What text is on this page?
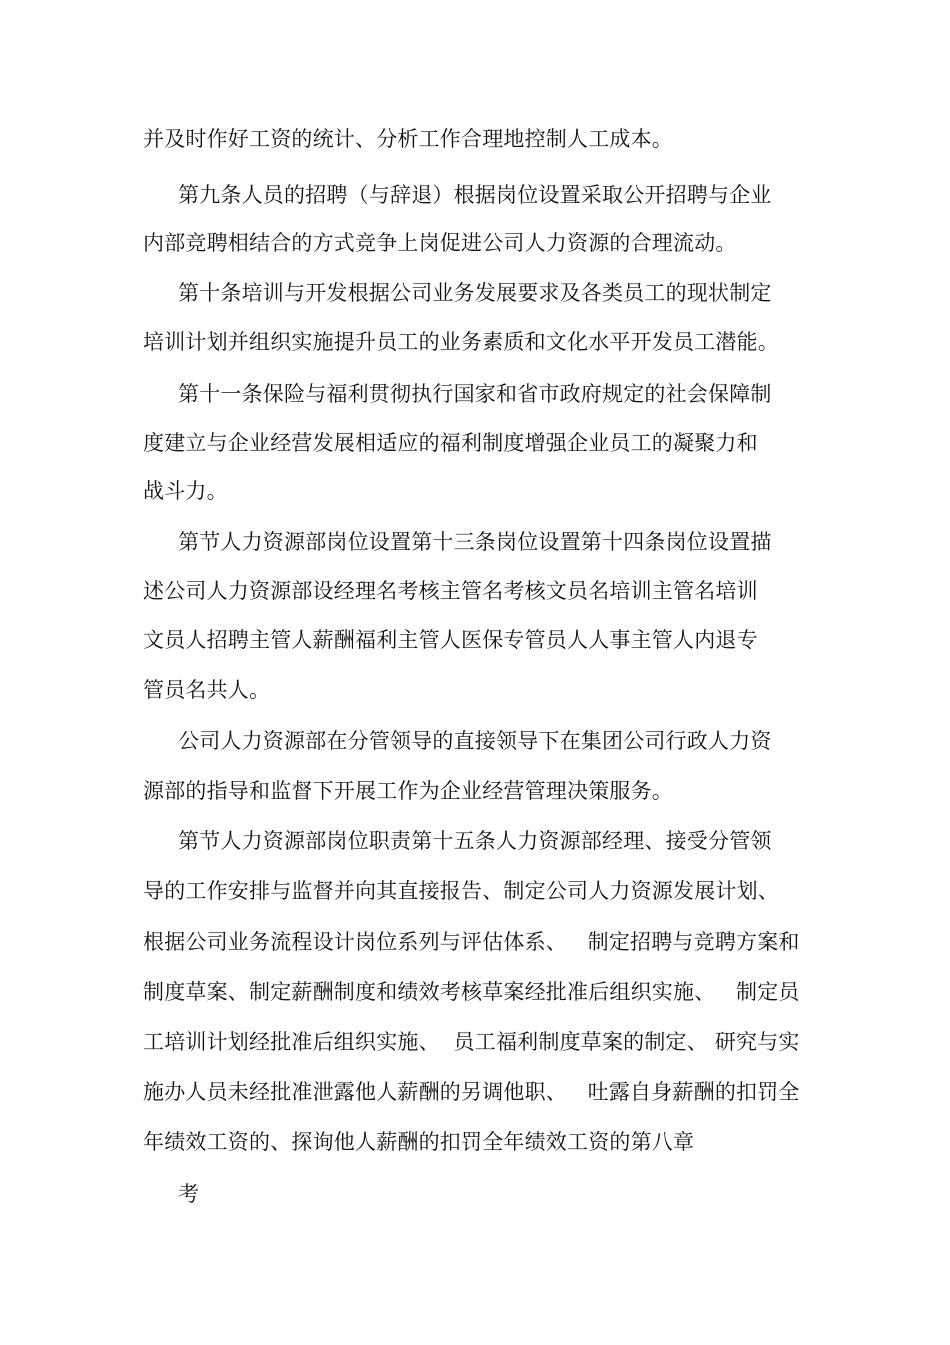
并及时作好工资的统计、分析工作合理地控制人工成本。
第九条人员的招聘（与辞退）根据岗位设置采取公开招聘与企业
内部竞聘相结合的方式竞争上岗促进公司人力资源的合理流动。
第十条培训与开发根据公司业务发展要求及各类员工的现状制定
培训计划并组织实施提升员工的业务素质和文化水平开发员工潜能。
第十一条保险与福利贯彻执行国家和省市政府规定的社会保障制
度建立与企业经营发展相适应的福利制度增强企业员工的凝聚力和
战斗力。
第节人力资源部岗位设置第十三条岗位设置第十四条岗位设置描
述公司人力资源部设经理名考核主管名考核文员名培训主管名培训
文员人招聘主管人薪酬福利主管人医保专管员人人事主管人内退专
管员名共人。
公司人力资源部在分管领导的直接领导下在集团公司行政人力资
源部的指导和监督下开展工作为企业经营管理决策服务。
第节人力资源部岗位职责第十五条人力资源部经理、接受分管领
导的工作安排与监督并向其直接报告、制定公司人力资源发展计划、
根据公司业务流程设计岗位系列与评估体系、   制定招聘与竞聘方案和
制度草案、制定薪酬制度和绩效考核草案经批准后组织实施、   制定员
工培训计划经批准后组织实施、  员工福利制度草案的制定、 研究与实
施办人员未经批准泄露他人薪酬的另调他职、   吐露自身薪酬的扣罚全
年绩效工资的、探询他人薪酬的扣罚全年绩效工资的第八章
考
